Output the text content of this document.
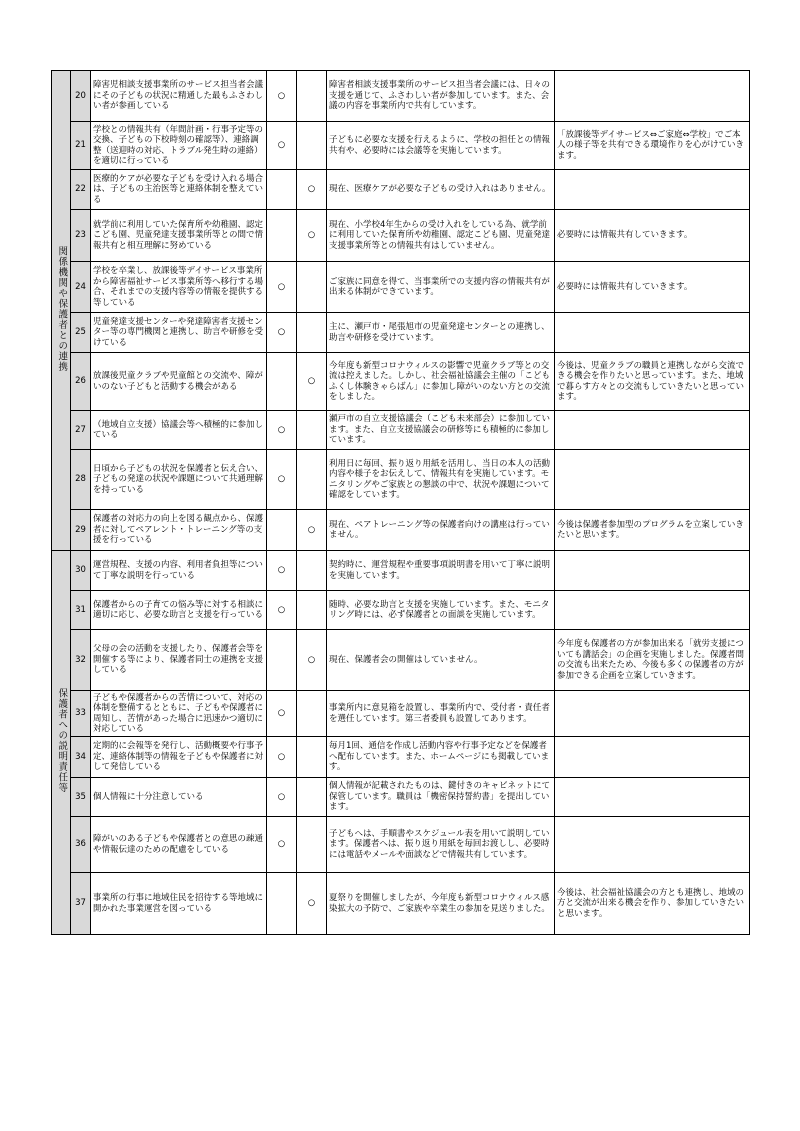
関係機関や保護者との連携	20	障害児相談支援事業所のサービス担当者会議にその子どもの状況に精通した最もふさわしい者が参画している	○		障害者相談支援事業所のサービス担当者会議には、日々の支援を通じて、ふさわしい者が参加しています。また、会議の内容を事業所内で共有しています。	
	21	学校との情報共有（年間計画・行事予定等の交換、子どもの下校時刻の確認等）、連絡調整（送迎時の対応、トラブル発生時の連絡）を適切に行っている	○		子どもに必要な支援を行えるように、学校の担任との情報共有や、必要時には会議等を実施しています。	「放課後等デイサービス⇔ご家庭⇔学校」でご本人の様子等を共有できる環境作りを心がけていきます。
	22	医療的ケアが必要な子どもを受け入れる場合は、子どもの主治医等と連絡体制を整えている		○	現在、医療ケアが必要な子どもの受け入れはありません。	
	23	就学前に利用していた保育所や幼稚園、認定こども園、児童発達支援事業所等との間で情報共有と相互理解に努めている		○	現在、小学校4年生からの受け入れをしている為、就学前に利用していた保育所や幼稚園、認定こども園、児童発達支援事業所等との情報共有はしていません。	必要時には情報共有していきます。
	24	学校を卒業し、放課後等デイサービス事業所から障害福祉サービス事業所等へ移行する場合、それまでの支援内容等の情報を提供する等している	○		ご家族に同意を得て、当事業所での支援内容の情報共有が出来る体制ができています。	必要時には情報共有していきます。
	25	児童発達支援センターや発達障害者支援センター等の専門機関と連携し、助言や研修を受けている	○		主に、瀬戸市・尾張旭市の児童発達センターとの連携し、助言や研修を受けています。	
	26	放課後児童クラブや児童館との交流や、障がいのない子どもと活動する機会がある		○	今年度も新型コロナウィルスの影響で児童クラブ等との交流は控えました。しかし、社会福祉協議会主催の「こどもふくし体験きゃらばん」に参加し障がいのない方との交流をしました。	今後は、児童クラブの職員と連携しながら交流できる機会を作りたいと思っています。また、地域で暮らす方々との交流もしていきたいと思っています。
	27	（地域自立支援）協議会等へ積極的に参加している	○		瀬戸市の自立支援協議会（こども未来部会）に参加しています。また、自立支援協議会の研修等にも積極的に参加しています。	
	28	日頃から子どもの状況を保護者と伝え合い、子どもの発達の状況や課題について共通理解を持っている	○		利用日に毎回、振り返り用紙を活用し、当日の本人の活動内容や様子をお伝えして、情報共有を実施しています。モニタリングやご家族との懇談の中で、状況や課題について確認をしています。	
	29	保護者の対応力の向上を図る観点から、保護者に対してペアレント・トレーニング等の支援を行っている		○	現在、ペアトレーニング等の保護者向けの講座は行っていません。	今後は保護者参加型のプログラムを立案していきたいと思います。
保護者への説明責任等	30	運営規程、支援の内容、利用者負担等について丁寧な説明を行っている	○		契約時に、運営規程や重要事項説明書を用いて丁寧に説明を実施しています。	
	31	保護者からの子育ての悩み等に対する相談に適切に応じ、必要な助言と支援を行っている	○		随時、必要な助言と支援を実施しています。また、モニタリング時には、必ず保護者との面談を実施しています。	
	32	父母の会の活動を支援したり、保護者会等を開催する等により、保護者同士の連携を支援している		○	現在、保護者会の開催はしていません。	今年度も保護者の方が参加出来る「就労支援についても講話会」の企画を実施しました。保護者間の交流も出来たため、今後も多くの保護者の方が参加できる企画を立案していきます。
	33	子どもや保護者からの苦情について、対応の体制を整備するとともに、子どもや保護者に周知し、苦情があった場合に迅速かつ適切に対応している	○		事業所内に意見箱を設置し、事業所内で、受付者・責任者を選任しています。第三者委員も設置してあります。	
	34	定期的に会報等を発行し、活動概要や行事予定、連絡体制等の情報を子どもや保護者に対して発信している	○		毎月1回、通信を作成し活動内容や行事予定などを保護者へ配布しています。また、ホームページにも掲載しています。	
	35	個人情報に十分注意している	○		個人情報が記載されたものは、鍵付きのキャビネットにて保管しています。職員は「機密保持誓約書」を提出しています。	
	36	障がいのある子どもや保護者との意思の疎通や情報伝達のための配慮をしている	○		子どもへは、手順書やスケジュール表を用いて説明しています。保護者へは、振り返り用紙を毎回お渡しし、必要時には電話やメールや面談などで情報共有しています。	
	37	事業所の行事に地域住民を招待する等地域に開かれた事業運営を図っている		○	夏祭りを開催しましたが、今年度も新型コロナウィルス感染拡大の予防で、ご家族や卒業生の参加を見送りました。	今後は、社会福祉協議会の方とも連携し、地域の方と交流が出来る機会を作り、参加していきたいと思います。
